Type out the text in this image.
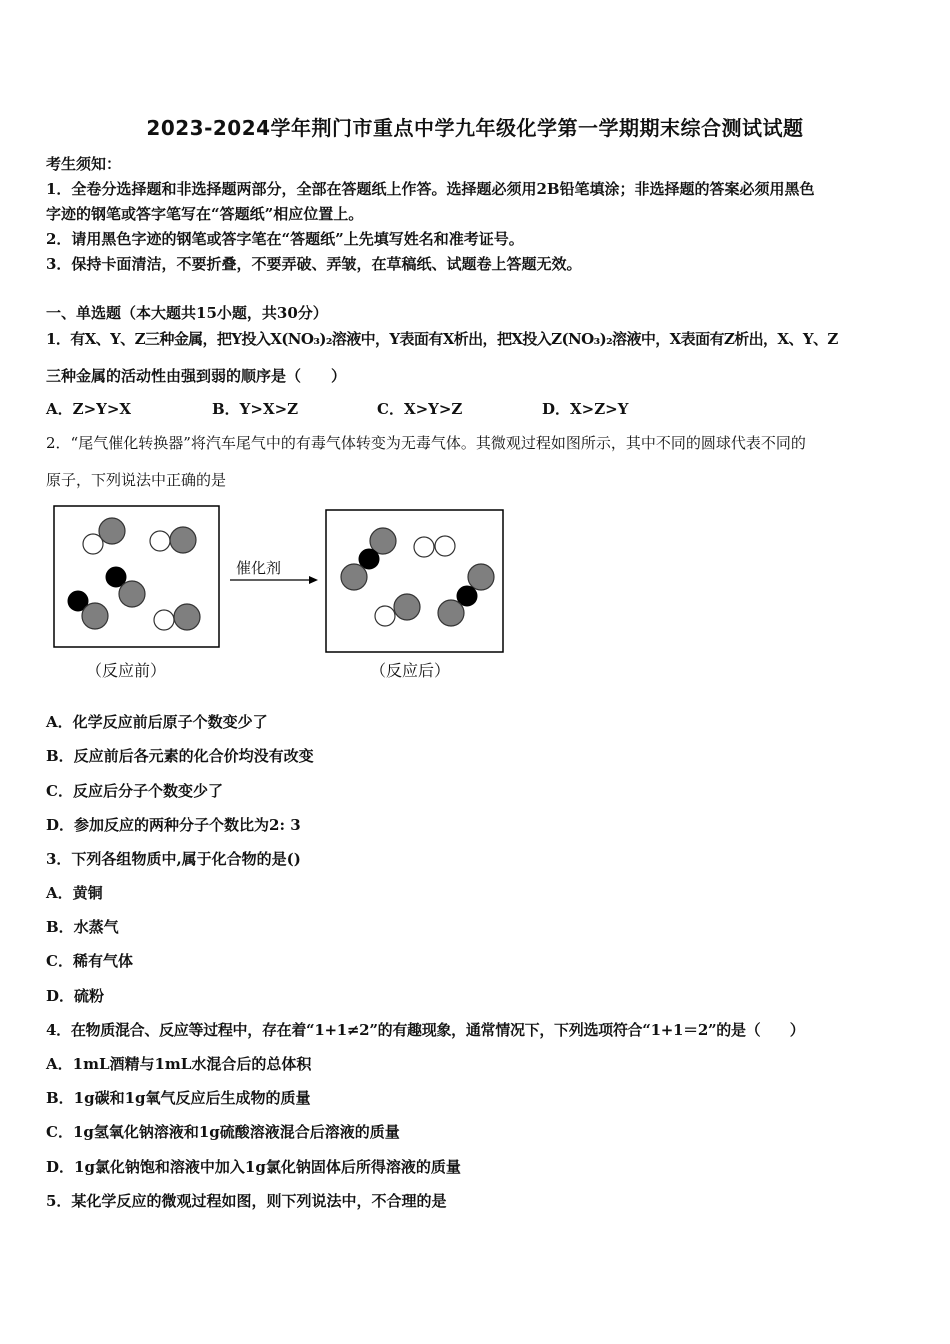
2023-2024学年荆门市重点中学九年级化学第一学期期末综合测试试题
考生须知：
1．全卷分选择题和非选择题两部分，全部在答题纸上作答。选择题必须用2B铅笔填涂；非选择题的答案必须用黑色
字迹的钢笔或答字笔写在“答题纸”相应位置上。
2．请用黑色字迹的钢笔或答字笔在“答题纸”上先填写姓名和准考证号。
3．保持卡面清洁，不要折叠，不要弄破、弄皱，在草稿纸、试题卷上答题无效。
一、单选题（本大题共15小题，共30分）
1．有X、Y、Z三种金属，把Y投入X(NO₃)₂溶液中，Y表面有X析出，把X投入Z(NO₃)₂溶液中，X表面有Z析出，X、Y、Z
三种金属的活动性由强到弱的顺序是（　　）
A．Z>Y>X	B．Y>X>Z	C．X>Y>Z	D．X>Z>Y
2．“尾气催化转换器”将汽车尾气中的有毒气体转变为无毒气体。其微观过程如图所示，其中不同的圆球代表不同的
原子，下列说法中正确的是
催化剂
（反应前）	（反应后）
A．化学反应前后原子个数变少了
B．反应前后各元素的化合价均没有改变
C．反应后分子个数变少了
D．参加反应的两种分子个数比为2: 3
3．下列各组物质中,属于化合物的是()
A．黄铜
B．水蒸气
C．稀有气体
D．硫粉
4．在物质混合、反应等过程中，存在着“1+1≠2”的有趣现象，通常情况下，下列选项符合“1+1＝2”的是（　　）
A．1mL酒精与1mL水混合后的总体积
B．1g碳和1g氧气反应后生成物的质量
C．1g氢氧化钠溶液和1g硫酸溶液混合后溶液的质量
D．1g氯化钠饱和溶液中加入1g氯化钠固体后所得溶液的质量
5．某化学反应的微观过程如图，则下列说法中，不合理的是
